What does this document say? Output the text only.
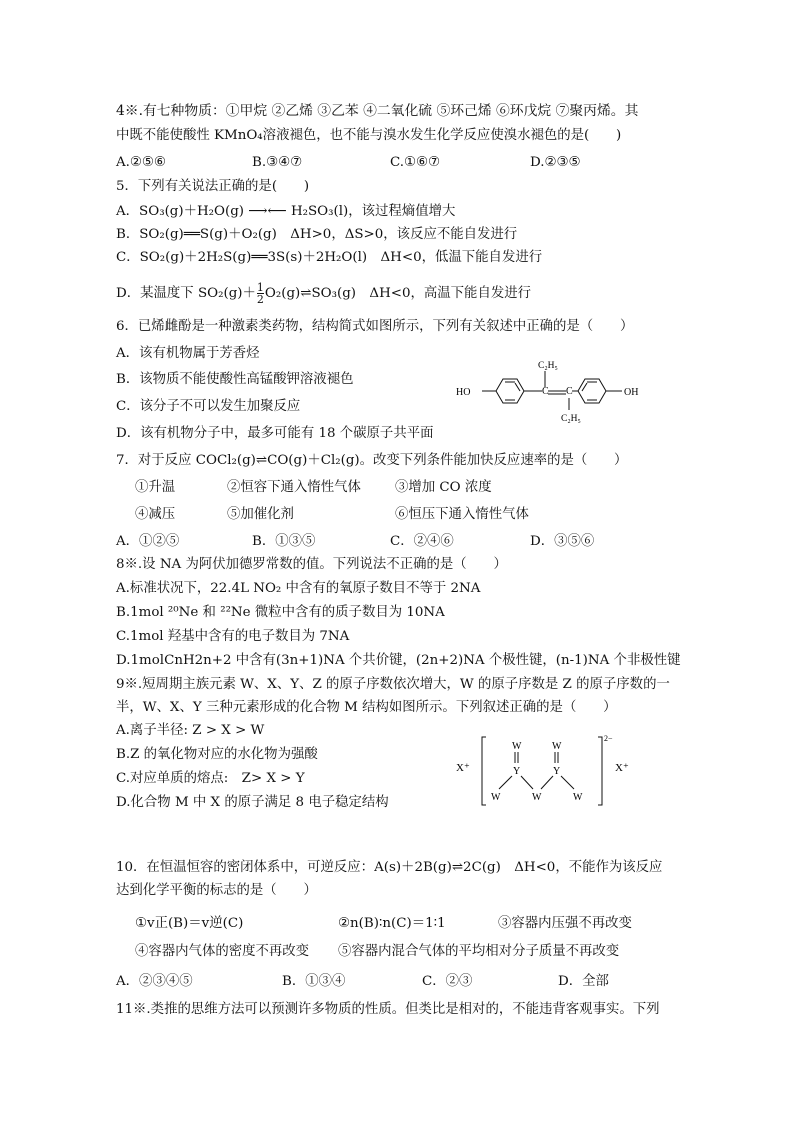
4※.有七种物质：①甲烷 ②乙烯 ③乙苯 ④二氧化硫 ⑤环己烯 ⑥环戊烷 ⑦聚丙烯。其
中既不能使酸性 KMnO₄溶液褪色，也不能与溴水发生化学反应使溴水褪色的是(　　)
A.②⑤⑥	B.③④⑦	C.①⑥⑦	D.②③⑤
5．下列有关说法正确的是(　　)
A．SO₃(g)＋H₂O(g) ⟶⟵ H₂SO₃(l)，该过程熵值增大
B．SO₂(g)══S(g)＋O₂(g)　ΔH>0，ΔS>0，该反应不能自发进行
C．SO₂(g)＋2H₂S(g)══3S(s)＋2H₂O(l)　ΔH<0，低温下能自发进行
D．某温度下 $SO_2(g)+ \frac{1}{2}$ O₂(g)⇌SO₃(g)　ΔH<0，高温下能自发进行
6．已烯雌酚是一种激素类药物，结构简式如图所示，下列有关叙述中正确的是（　　）
A．该有机物属于芳香烃
B．该物质不能使酸性高锰酸钾溶液褪色
C．该分子不可以发生加聚反应
D．该有机物分子中，最多可能有 18 个碳原子共平面
HO	C C	OH
C₂H₅
C₂H₅
7．对于反应 COCl₂(g)⇌CO(g)＋Cl₂(g)。改变下列条件能加快反应速率的是（　　）
①升温	②恒容下通入惰性气体	③增加 CO 浓度
④减压	⑤加催化剂	⑥恒压下通入惰性气体
A．①②⑤	B．①③⑤	C．②④⑥	D．③⑤⑥
8※.设 NA 为阿伏加德罗常数的值。下列说法不正确的是（　　）
A.标准状况下，22.4L NO₂ 中含有的氧原子数目不等于 2NA
B.1mol ²⁰Ne 和 ²²Ne 微粒中含有的质子数目为 10NA
C.1mol 羟基中含有的电子数目为 7NA
D.1molCnH2n+2 中含有(3n+1)NA 个共价键，(2n+2)NA 个极性键，(n-1)NA 个非极性键
9※.短周期主族元素 W、X、Y、Z 的原子序数依次增大，W 的原子序数是 Z 的原子序数的一
半，W、X、Y 三种元素形成的化合物 M 结构如图所示。下列叙述正确的是（　　）
A.离子半径: Z > X > W
B.Z 的氧化物对应的水化物为强酸
C.对应单质的熔点:　Z> X > Y
D.化合物 M 中 X 的原子满足 8 电子稳定结构
X⁺	X⁺
2−
W	W
Y	Y
W	W	W
10．在恒温恒容的密闭体系中，可逆反应：A(s)＋2B(g)⇌2C(g)　ΔH<0，不能作为该反应
达到化学平衡的标志的是（　　）
①v正(B)＝v逆(C)	②n(B)∶n(C)＝1∶1	③容器内压强不再改变
④容器内气体的密度不再改变 ⑤容器内混合气体的平均相对分子质量不再改变
A．②③④⑤	B．①③④	C．②③	D．全部
11※.类推的思维方法可以预测许多物质的性质。但类比是相对的，不能违背客观事实。下列
